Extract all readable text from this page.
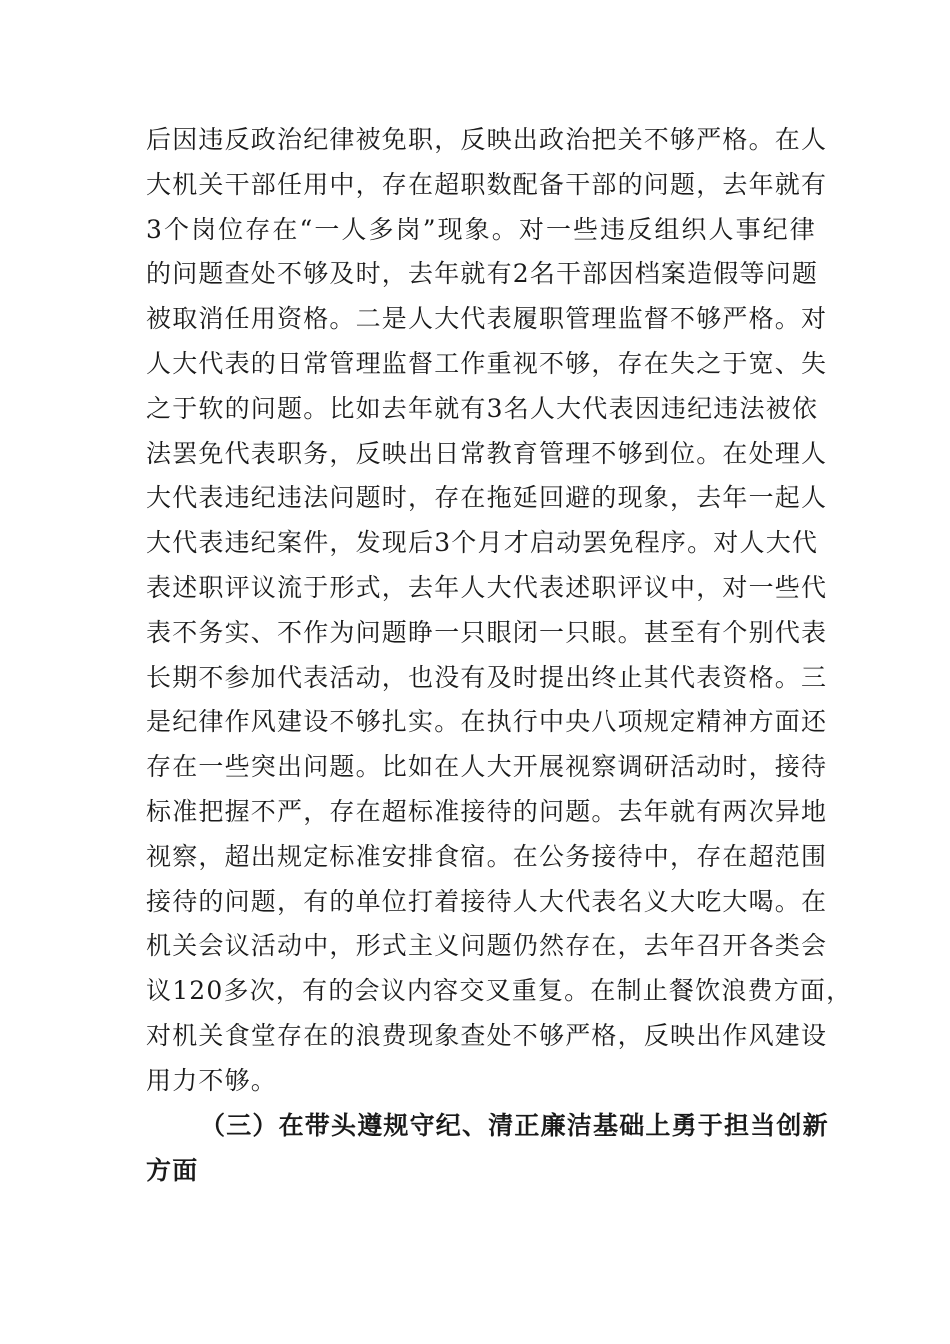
后因违反政治纪律被免职，反映出政治把关不够严格。在人
大机关干部任用中，存在超职数配备干部的问题，去年就有
3个岗位存在“一人多岗”现象。对一些违反组织人事纪律
的问题查处不够及时，去年就有2名干部因档案造假等问题
被取消任用资格。二是人大代表履职管理监督不够严格。对
人大代表的日常管理监督工作重视不够，存在失之于宽、失
之于软的问题。比如去年就有3名人大代表因违纪违法被依
法罢免代表职务，反映出日常教育管理不够到位。在处理人
大代表违纪违法问题时，存在拖延回避的现象，去年一起人
大代表违纪案件，发现后3个月才启动罢免程序。对人大代
表述职评议流于形式，去年人大代表述职评议中，对一些代
表不务实、不作为问题睁一只眼闭一只眼。甚至有个别代表
长期不参加代表活动，也没有及时提出终止其代表资格。三
是纪律作风建设不够扎实。在执行中央八项规定精神方面还
存在一些突出问题。比如在人大开展视察调研活动时，接待
标准把握不严，存在超标准接待的问题。去年就有两次异地
视察，超出规定标准安排食宿。在公务接待中，存在超范围
接待的问题，有的单位打着接待人大代表名义大吃大喝。在
机关会议活动中，形式主义问题仍然存在，去年召开各类会
议120多次，有的会议内容交叉重复。在制止餐饮浪费方面，
对机关食堂存在的浪费现象查处不够严格，反映出作风建设
用力不够。
（三）在带头遵规守纪、清正廉洁基础上勇于担当创新
方面
